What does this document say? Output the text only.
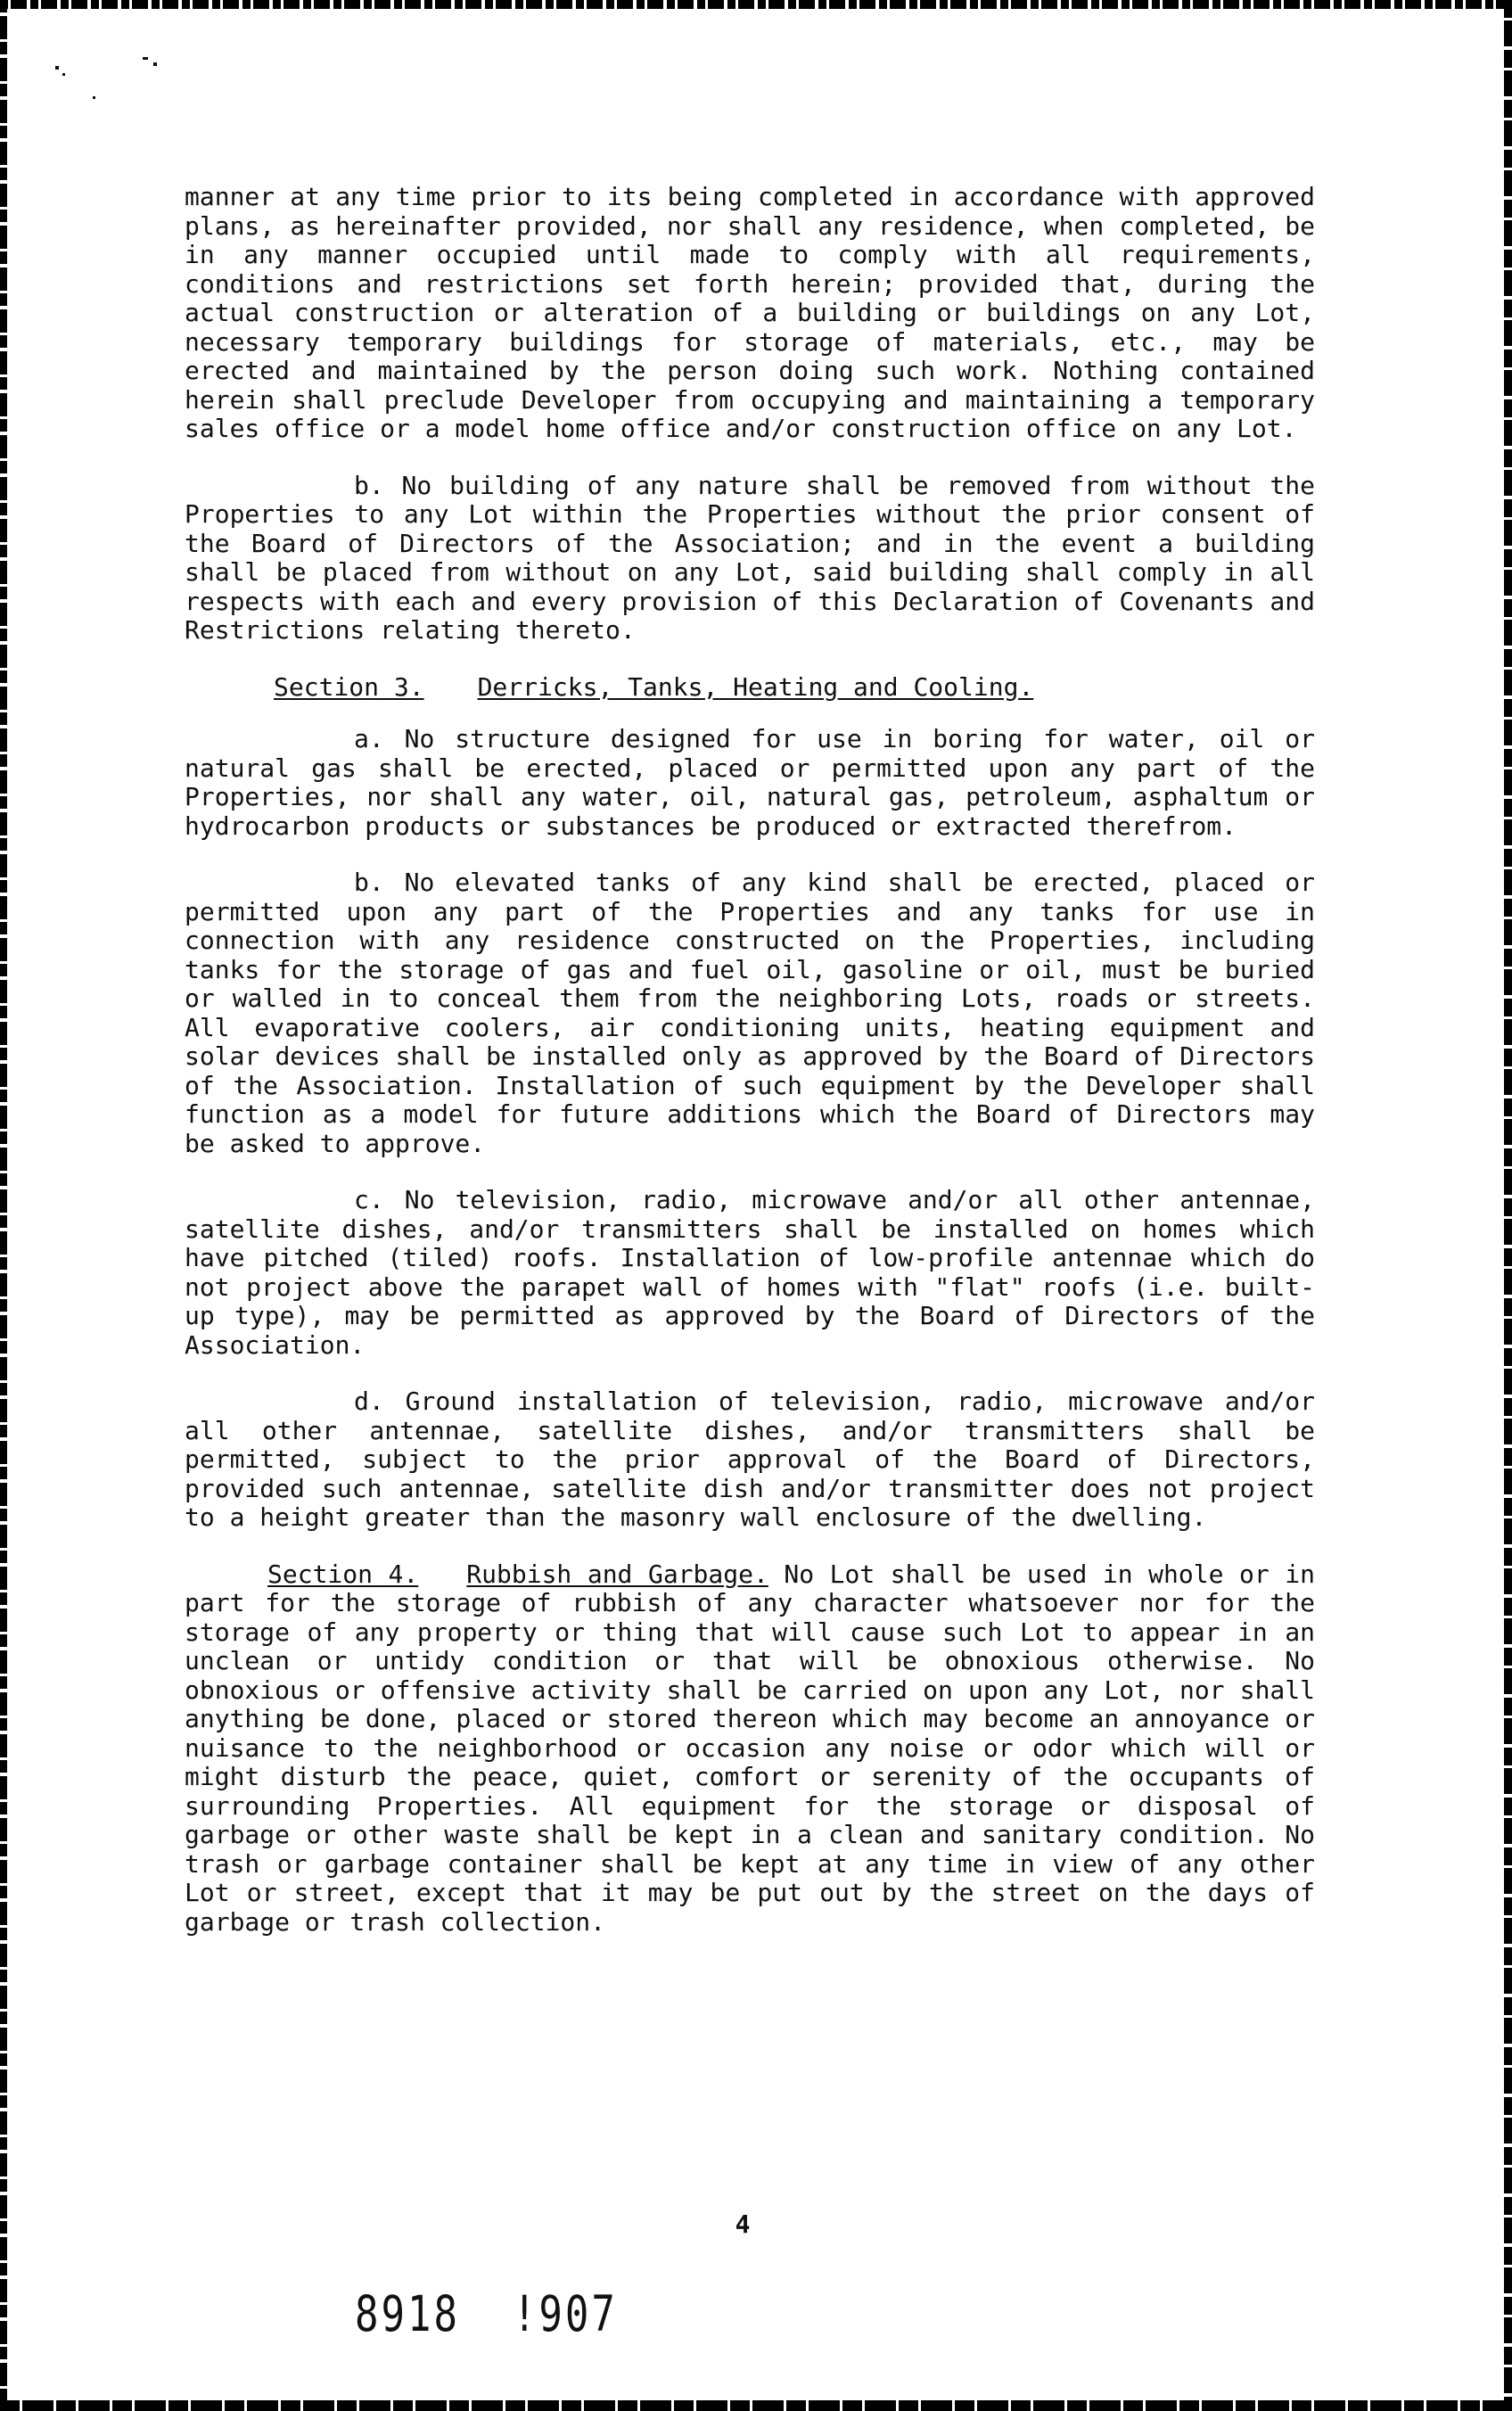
manner at any time prior to its being completed in accordance with approved plans, as hereinafter provided, nor shall any residence, when completed, be in any manner occupied until made to comply with all requirements, conditions and restrictions set forth herein; provided that, during the actual construction or alteration of a building or buildings on any Lot, necessary temporary buildings for storage of materials, etc., may be erected and maintained by the person doing such work. Nothing contained herein shall preclude Developer from occupying and maintaining a temporary sales office or a model home office and/or construction office on any Lot.

b. No building of any nature shall be removed from without the Properties to any Lot within the Properties without the prior consent of the Board of Directors of the Association; and in the event a building shall be placed from without on any Lot, said building shall comply in all respects with each and every provision of this Declaration of Covenants and Restrictions relating thereto.

Section 3. Derricks, Tanks, Heating and Cooling.

a. No structure designed for use in boring for water, oil or natural gas shall be erected, placed or permitted upon any part of the Properties, nor shall any water, oil, natural gas, petroleum, asphaltum or hydrocarbon products or substances be produced or extracted therefrom.

b. No elevated tanks of any kind shall be erected, placed or permitted upon any part of the Properties and any tanks for use in connection with any residence constructed on the Properties, including tanks for the storage of gas and fuel oil, gasoline or oil, must be buried or walled in to conceal them from the neighboring Lots, roads or streets. All evaporative coolers, air conditioning units, heating equipment and solar devices shall be installed only as approved by the Board of Directors of the Association. Installation of such equipment by the Developer shall function as a model for future additions which the Board of Directors may be asked to approve.

c. No television, radio, microwave and/or all other antennae, satellite dishes, and/or transmitters shall be installed on homes which have pitched (tiled) roofs. Installation of low-profile antennae which do not project above the parapet wall of homes with "flat" roofs (i.e. built-up type), may be permitted as approved by the Board of Directors of the Association.

d. Ground installation of television, radio, microwave and/or all other antennae, satellite dishes, and/or transmitters shall be permitted, subject to the prior approval of the Board of Directors, provided such antennae, satellite dish and/or transmitter does not project to a height greater than the masonry wall enclosure of the dwelling.

Section 4. Rubbish and Garbage. No Lot shall be used in whole or in part for the storage of rubbish of any character whatsoever nor for the storage of any property or thing that will cause such Lot to appear in an unclean or untidy condition or that will be obnoxious otherwise. No obnoxious or offensive activity shall be carried on upon any Lot, nor shall anything be done, placed or stored thereon which may become an annoyance or nuisance to the neighborhood or occasion any noise or odor which will or might disturb the peace, quiet, comfort or serenity of the occupants of surrounding Properties. All equipment for the storage or disposal of garbage or other waste shall be kept in a clean and sanitary condition. No trash or garbage container shall be kept at any time in view of any other Lot or street, except that it may be put out by the street on the days of garbage or trash collection.

4
8918  !907
